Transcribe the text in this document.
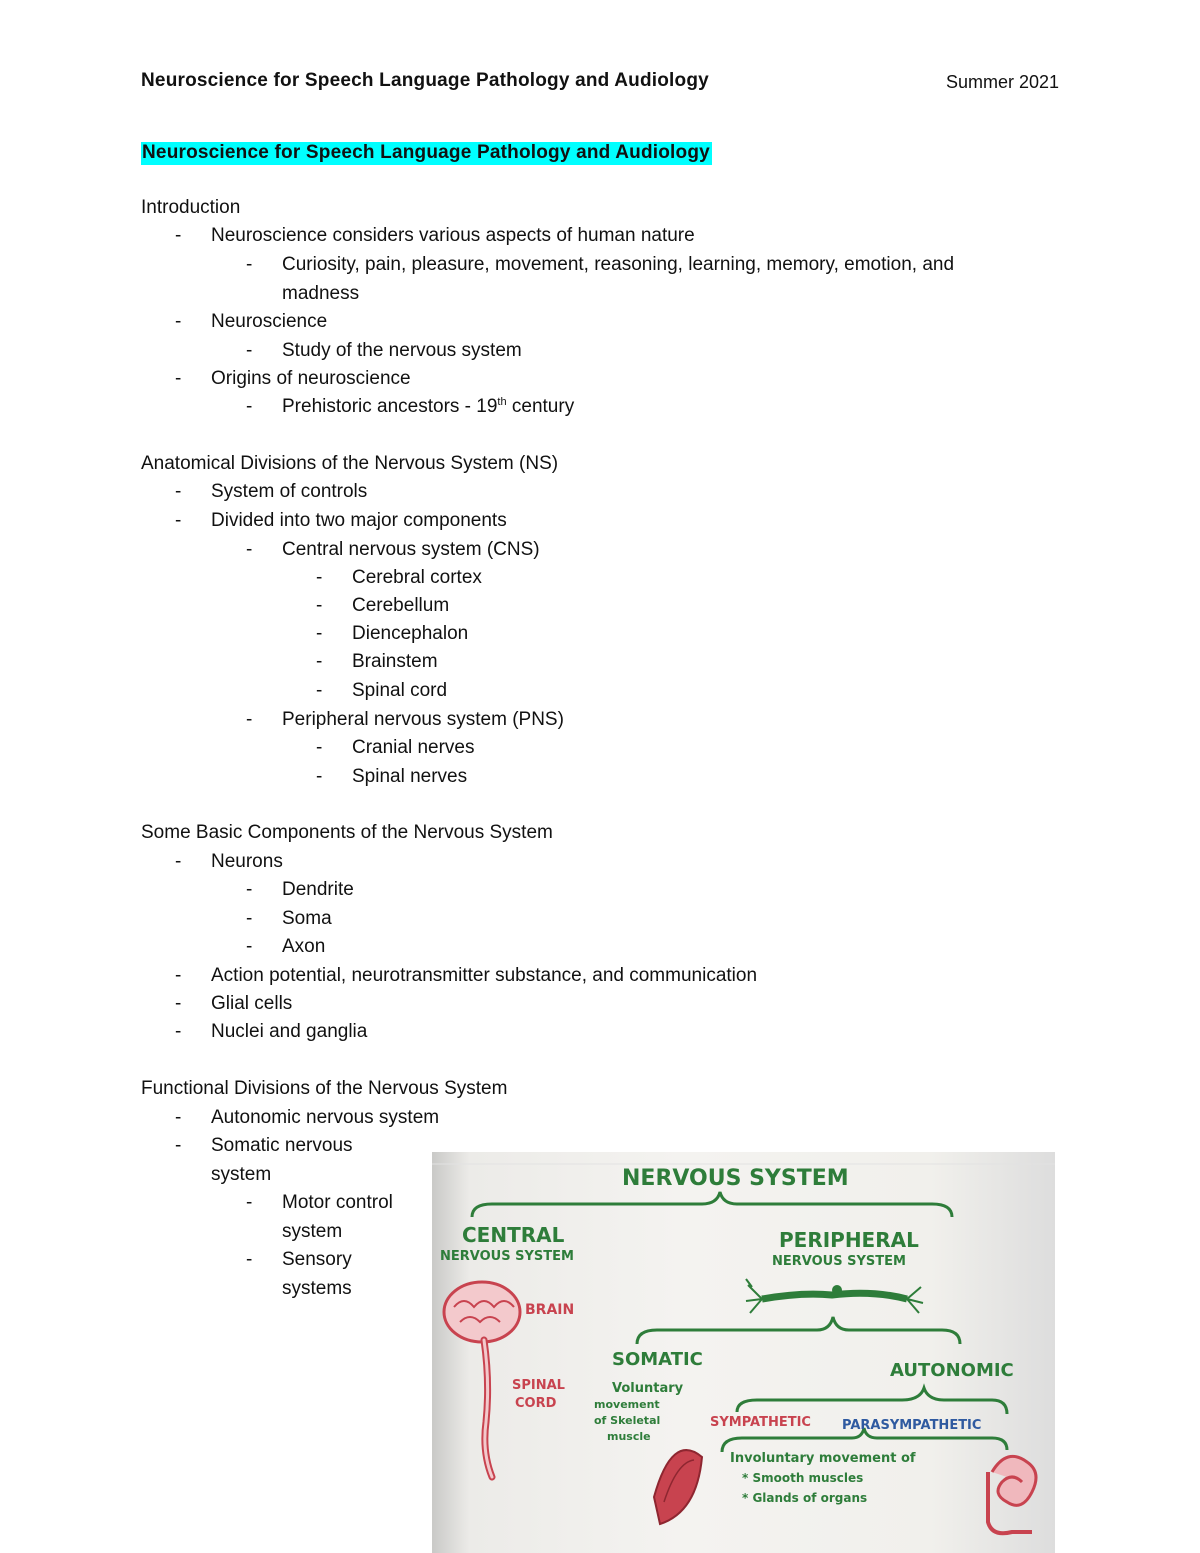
Neuroscience for Speech Language Pathology and Audiology	Summer 2021
Neuroscience for Speech Language Pathology and Audiology
Introduction
- Neuroscience considers various aspects of human nature
- Curiosity, pain, pleasure, movement, reasoning, learning, memory, emotion, and
madness
- Neuroscience
- Study of the nervous system
- Origins of neuroscience
- Prehistoric ancestors - 19th century
Anatomical Divisions of the Nervous System (NS)
- System of controls
- Divided into two major components
- Central nervous system (CNS)
- Cerebral cortex
- Cerebellum
- Diencephalon
- Brainstem
- Spinal cord
- Peripheral nervous system (PNS)
- Cranial nerves
- Spinal nerves
Some Basic Components of the Nervous System
- Neurons
- Dendrite
- Soma
- Axon
- Action potential, neurotransmitter substance, and communication
- Glial cells
- Nuclei and ganglia
Functional Divisions of the Nervous System
- Autonomic nervous system
- Somatic nervous
system
- Motor control
system
- Sensory
systems
NERVOUS SYSTEM
CENTRAL
NERVOUS SYSTEM
PERIPHERAL
NERVOUS SYSTEM
BRAIN
SPINAL
CORD
SOMATIC
Voluntary
movement
of Skeletal
muscle
AUTONOMIC
SYMPATHETIC PARASYMPATHETIC
Involuntary movement of
* Smooth muscles
* Glands of organs
